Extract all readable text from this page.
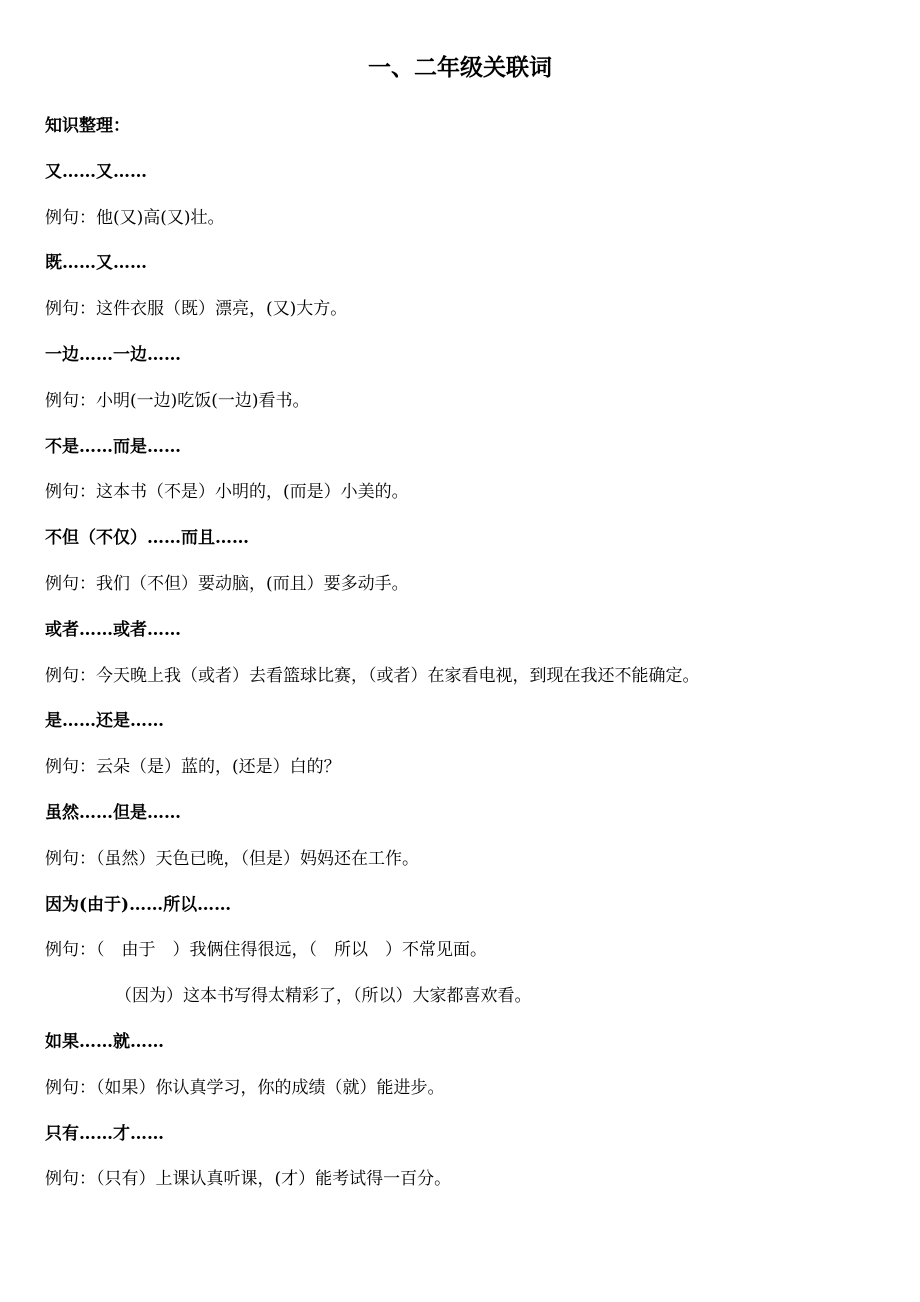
一、二年级关联词
知识整理：
又……又……
例句：他(又)高(又)壮。
既……又……
例句：这件衣服（既）漂亮，(又)大方。
一边……一边……
例句：小明(一边)吃饭(一边)看书。
不是……而是……
例句：这本书（不是）小明的，(而是）小美的。
不但（不仅）……而且……
例句：我们（不但）要动脑，(而且）要多动手。
或者……或者……
例句：今天晚上我（或者）去看篮球比赛，（或者）在家看电视，到现在我还不能确定。
是……还是……
例句：云朵（是）蓝的，(还是）白的？
虽然……但是……
例句：（虽然）天色已晚，（但是）妈妈还在工作。
因为(由于)……所以……
例句：（　由于　）我俩住得很远，（　所以　）不常见面。
（因为）这本书写得太精彩了，（所以）大家都喜欢看。
如果……就……
例句：（如果）你认真学习，你的成绩（就）能进步。
只有……才……
例句：（只有）上课认真听课，(才）能考试得一百分。
